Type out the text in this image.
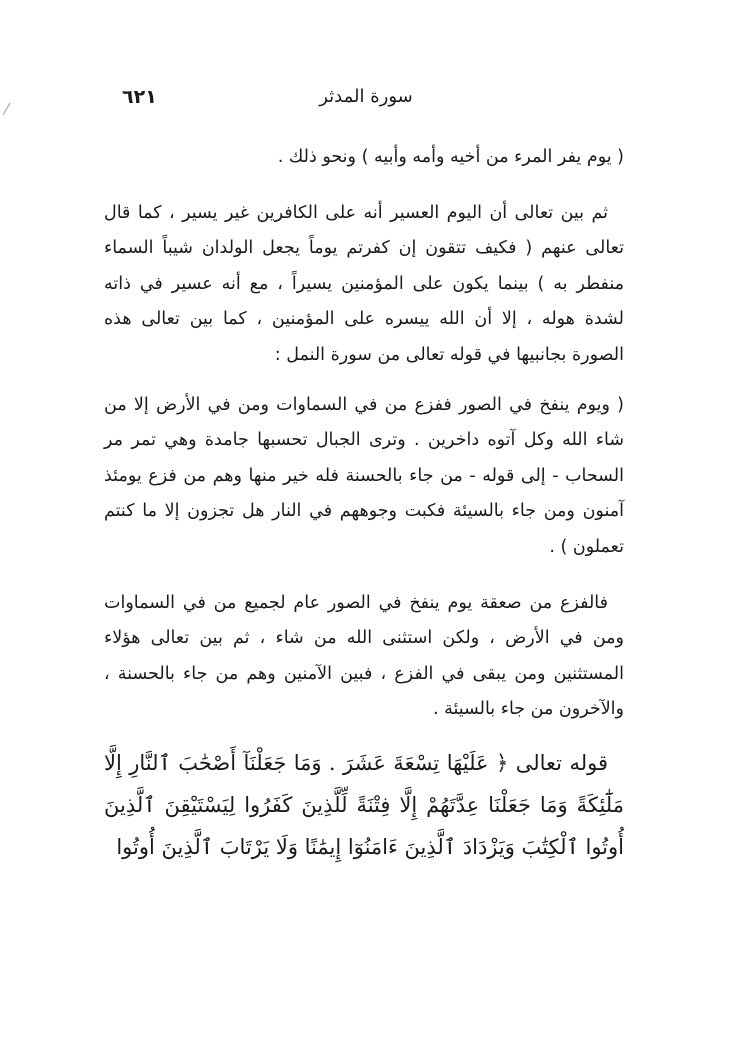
٦٢١	سورة المدثر

( يوم يفر المرء من أخيه وأمه وأبيه ) ونحو ذلك .

ثم بين تعالى أن اليوم العسير أنه على الكافرين غير يسير ، كما قال تعالى عنهم ( فكيف تتقون إن كفرتم يوماً يجعل الولدان شيباً السماء منفطر به ) بينما يكون على المؤمنين يسيراً ، مع أنه عسير في ذاته لشدة هوله ، إلا أن الله ييسره على المؤمنين ، كما بين تعالى هذه الصورة بجانبيها في قوله تعالى من سورة النمل :

( ويوم ينفخ في الصور ففزع من في السماوات ومن في الأرض إلا من شاء الله وكل آتوه داخرين . وترى الجبال تحسبها جامدة وهي تمر مر السحاب - إلى قوله - من جاء بالحسنة فله خير منها وهم من فزع يومئذ آمنون ومن جاء بالسيئة فكبت وجوههم في النار هل تجزون إلا ما كنتم تعملون ) .

فالفزع من صعقة يوم ينفخ في الصور عام لجميع من في السماوات ومن في الأرض ، ولكن استثنى الله من شاء ، ثم بين تعالى هؤلاء المستثنين ومن يبقى في الفزع ، فبين الآمنين وهم من جاء بالحسنة ، والآخرون من جاء بالسيئة .

قوله تعالى ﴿ عَلَيْهَا تِسْعَةَ عَشَرَ . وَمَا جَعَلْنَآ أَصْحَٰبَ ٱلنَّارِ إِلَّا مَلَٰٓئِكَةً وَمَا جَعَلْنَا عِدَّتَهُمْ إِلَّا فِتْنَةً لِّلَّذِينَ كَفَرُوا لِيَسْتَيْقِنَ ٱلَّذِينَ أُوتُوا ٱلْكِتَٰبَ وَيَزْدَادَ ٱلَّذِينَ ءَامَنُوٓا إِيمَٰنًا وَلَا يَرْتَابَ ٱلَّذِينَ أُوتُوا
